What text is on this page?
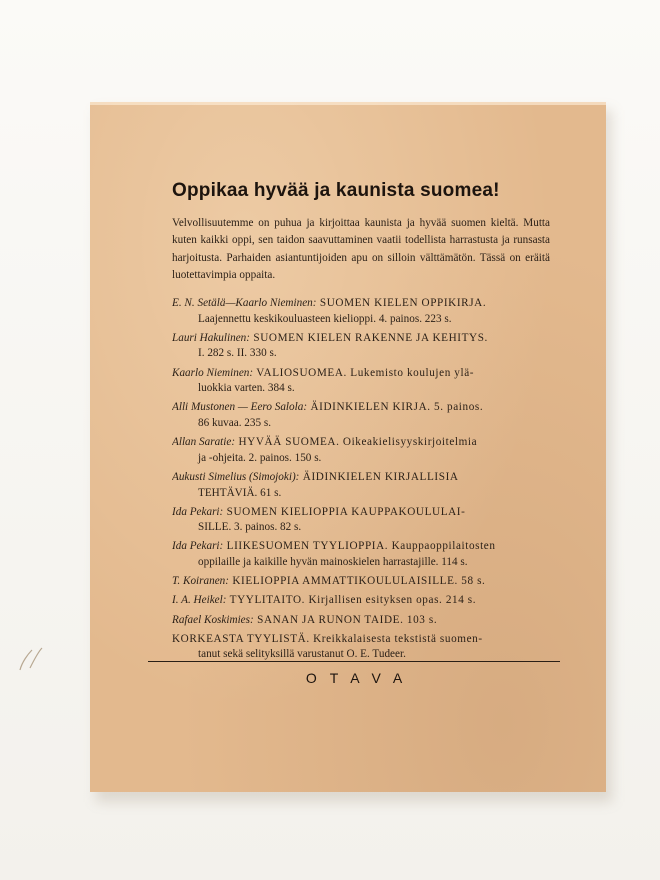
Oppikaa hyvää ja kaunista suomea!
Velvollisuutemme on puhua ja kirjoittaa kaunista ja hyvää suomen kieltä. Mutta kuten kaikki oppi, sen taidon saavuttaminen vaatii todellista harrastusta ja runsasta harjoitusta. Parhaiden asiantuntijoiden apu on silloin välttämätön. Tässä on eräitä luotettavimpia oppaita.
E. N. Setälä—Kaarlo Nieminen: SUOMEN KIELEN OPPIKIRJA.
Laajennettu keskikouluasteen kielioppi. 4. painos. 223 s.
Lauri Hakulinen: SUOMEN KIELEN RAKENNE JA KEHITYS.
I. 282 s. II. 330 s.
Kaarlo Nieminen: VALIOSUOMEA. Lukemisto koulujen ylä-
luokkia varten. 384 s.
Alli Mustonen — Eero Salola: ÄIDINKIELEN KIRJA. 5. painos.
86 kuvaa. 235 s.
Allan Saratie: HYVÄÄ SUOMEA. Oikeakielisyyskirjoitelmia
ja -ohjeita. 2. painos. 150 s.
Aukusti Simelius (Simojoki): ÄIDINKIELEN KIRJALLISIA
TEHTÄVIÄ. 61 s.
Ida Pekari: SUOMEN KIELIOPPIA KAUPPAKOULULAI-
SILLE. 3. painos. 82 s.
Ida Pekari: LIIKESUOMEN TYYLIOPPIA. Kauppaoppilaitosten
oppilaille ja kaikille hyvän mainoskielen harrastajille. 114 s.
T. Koiranen: KIELIOPPIA AMMATTIKOULULAISILLE. 58 s.
I. A. Heikel: TYYLITAITO. Kirjallisen esityksen opas. 214 s.
Rafael Koskimies: SANAN JA RUNON TAIDE. 103 s.
KORKEASTA TYYLISTÄ. Kreikkalaisesta tekstistä suomen-
tanut sekä selityksillä varustanut O. E. Tudeer.
OTAVA
